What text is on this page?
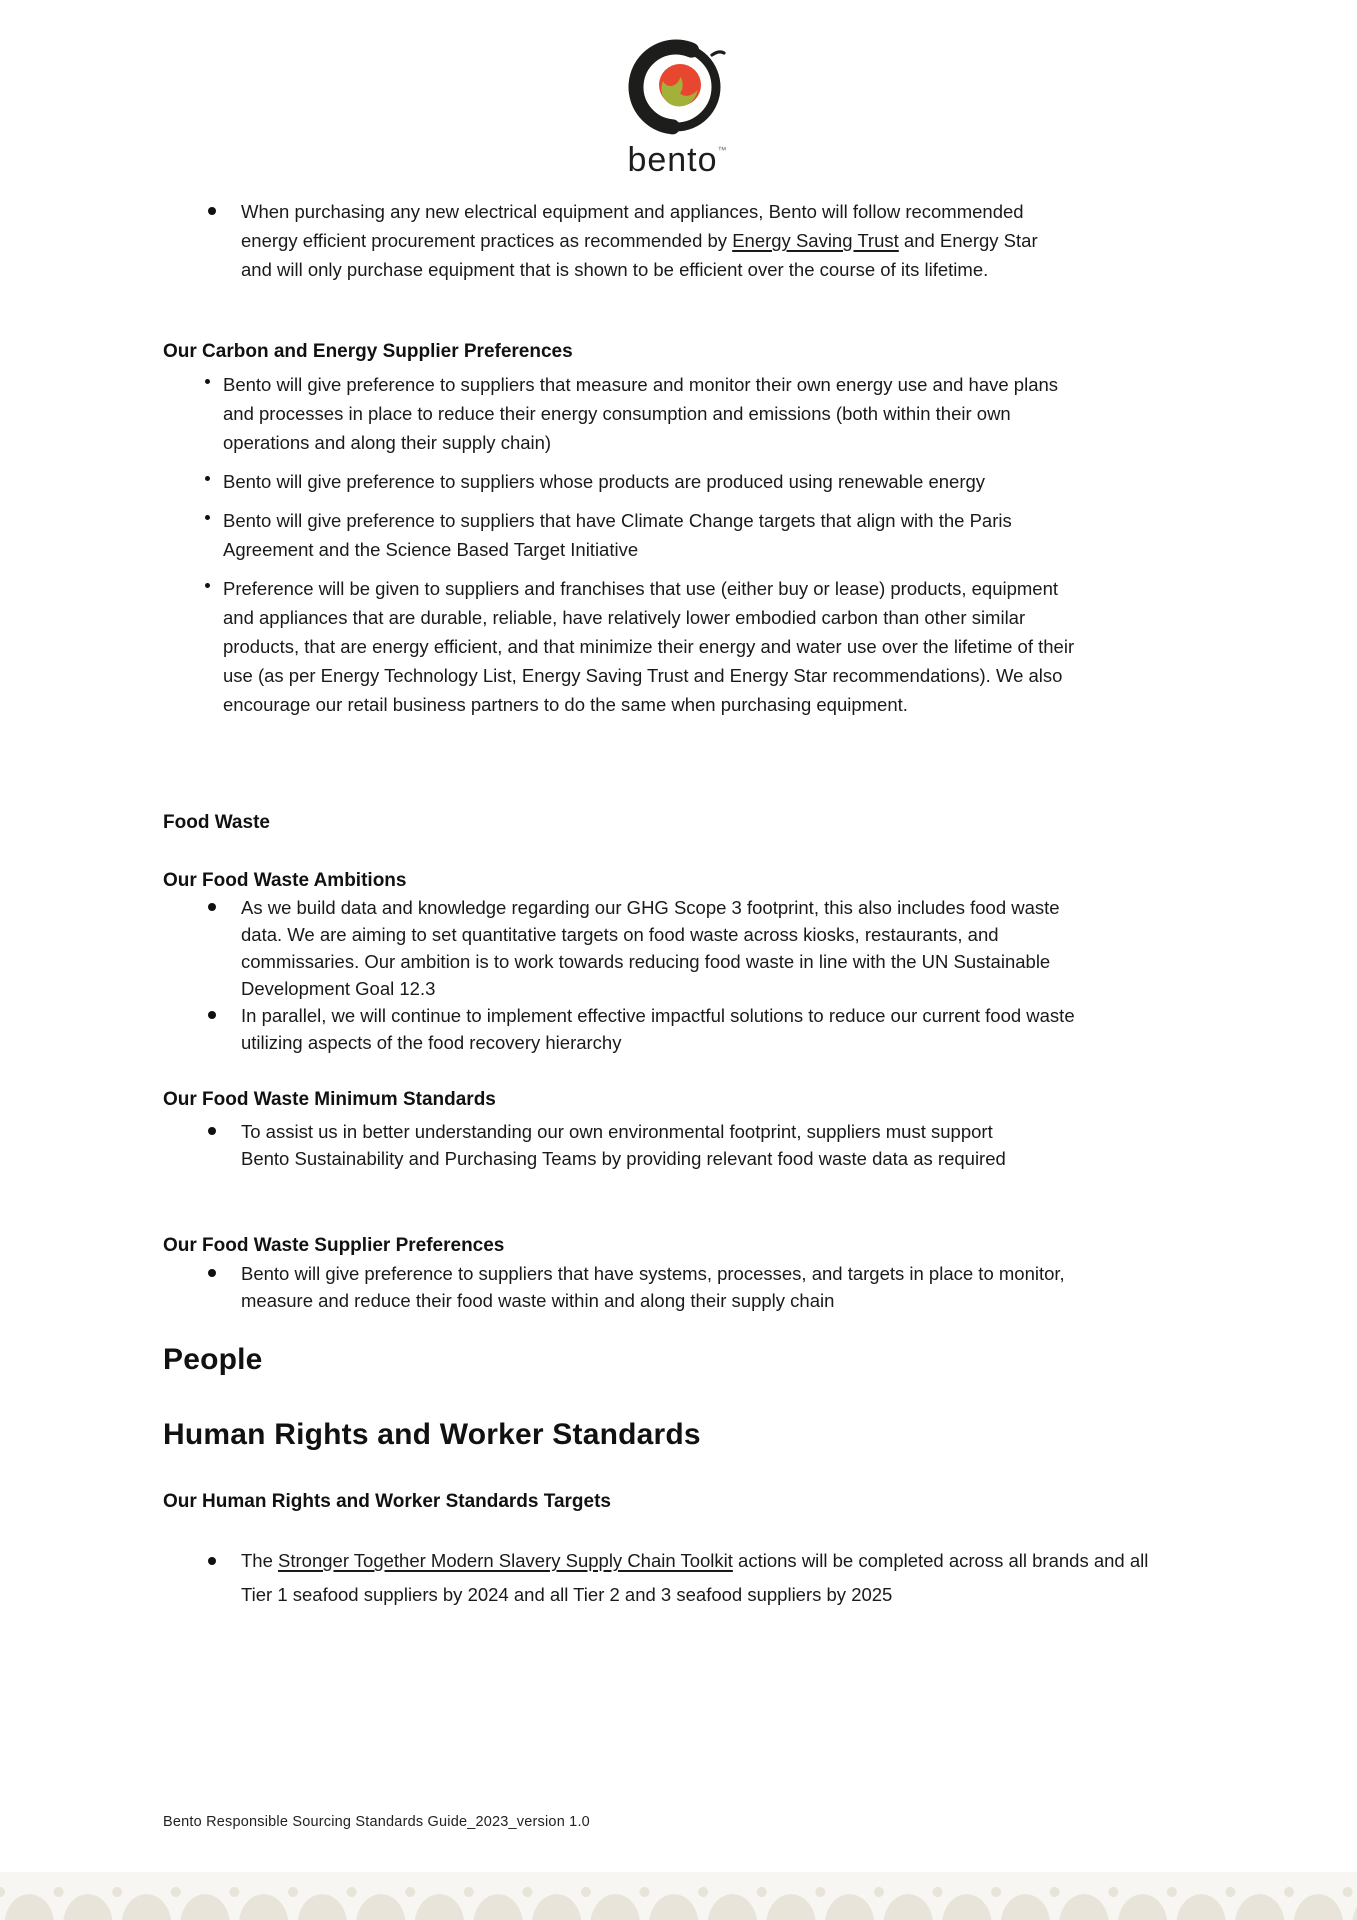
bento™
When purchasing any new electrical equipment and appliances, Bento will follow recommended energy efficient procurement practices as recommended by Energy Saving Trust and Energy Star and will only purchase equipment that is shown to be efficient over the course of its lifetime.
Our Carbon and Energy Supplier Preferences
Bento will give preference to suppliers that measure and monitor their own energy use and have plans and processes in place to reduce their energy consumption and emissions (both within their own operations and along their supply chain)
Bento will give preference to suppliers whose products are produced using renewable energy
Bento will give preference to suppliers that have Climate Change targets that align with the Paris Agreement and the Science Based Target Initiative
Preference will be given to suppliers and franchises that use (either buy or lease) products, equipment and appliances that are durable, reliable, have relatively lower embodied carbon than other similar products, that are energy efficient, and that minimize their energy and water use over the lifetime of their use (as per Energy Technology List, Energy Saving Trust and Energy Star recommendations). We also encourage our retail business partners to do the same when purchasing equipment.
Food Waste
Our Food Waste Ambitions
As we build data and knowledge regarding our GHG Scope 3 footprint, this also includes food waste data. We are aiming to set quantitative targets on food waste across kiosks, restaurants, and commissaries. Our ambition is to work towards reducing food waste in line with the UN Sustainable Development Goal 12.3
In parallel, we will continue to implement effective impactful solutions to reduce our current food waste utilizing aspects of the food recovery hierarchy
Our Food Waste Minimum Standards
To assist us in better understanding our own environmental footprint, suppliers must support Bento Sustainability and Purchasing Teams by providing relevant food waste data as required
Our Food Waste Supplier Preferences
Bento will give preference to suppliers that have systems, processes, and targets in place to monitor, measure and reduce their food waste within and along their supply chain
People
Human Rights and Worker Standards
Our Human Rights and Worker Standards Targets
The Stronger Together Modern Slavery Supply Chain Toolkit actions will be completed across all brands and all Tier 1 seafood suppliers by 2024 and all Tier 2 and 3 seafood suppliers by 2025
Bento Responsible Sourcing Standards Guide_2023_version 1.0
